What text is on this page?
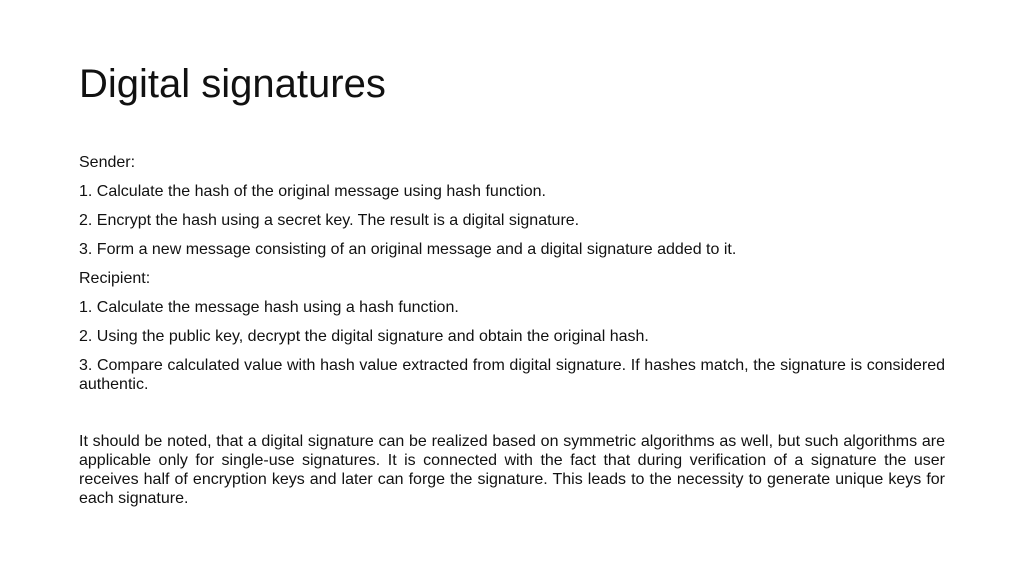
Digital signatures

Sender:

1. Calculate the hash of the original message using hash function.

2. Encrypt the hash using a secret key. The result is a digital signature.

3. Form a new message consisting of an original message and a digital signature added to it.

Recipient:

1. Calculate the message hash using a hash function.

2. Using the public key, decrypt the digital signature and obtain the original hash.

3. Compare calculated value with hash value extracted from digital signature. If hashes match, the signature is considered authentic.

It should be noted, that a digital signature can be realized based on symmetric algorithms as well, but such algorithms are applicable only for single-use signatures. It is connected with the fact that during verification of a signature the user receives half of encryption keys and later can forge the signature. This leads to the necessity to generate unique keys for each signature.
